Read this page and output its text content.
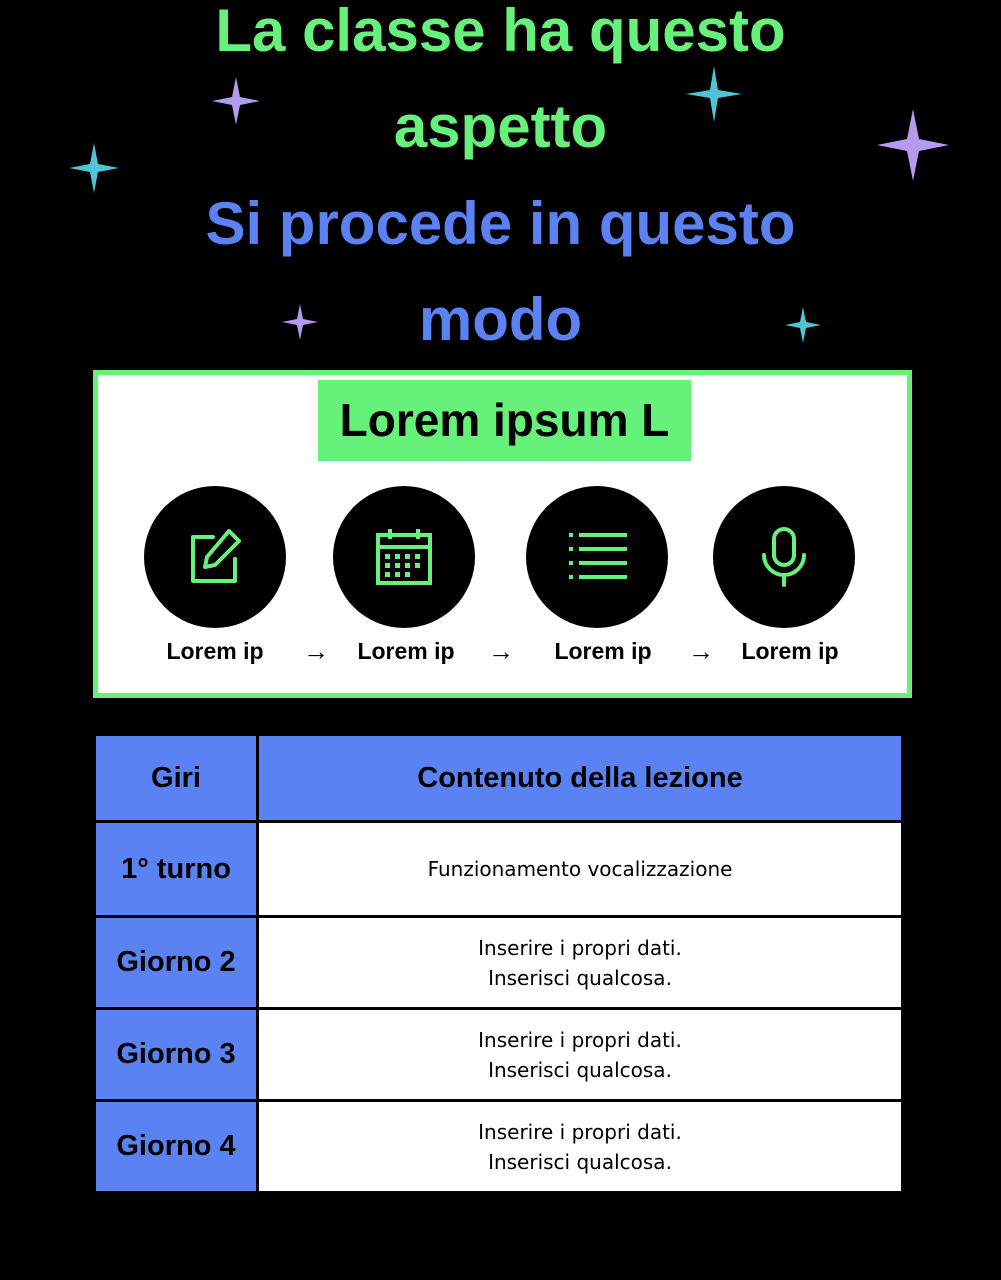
La classe ha questo
aspetto
Si procede in questo
modo
Lorem ipsum L
Lorem ip	→	Lorem ip	→	Lorem ip	→	Lorem ip
Giri	Contenuto della lezione
1° turno	Funzionamento vocalizzazione

Giorno 2	Inserire i propri dati.
Inserisci qualcosa.

Giorno 3	Inserire i propri dati.
Inserisci qualcosa.

Giorno 4	Inserire i propri dati.
Inserisci qualcosa.
